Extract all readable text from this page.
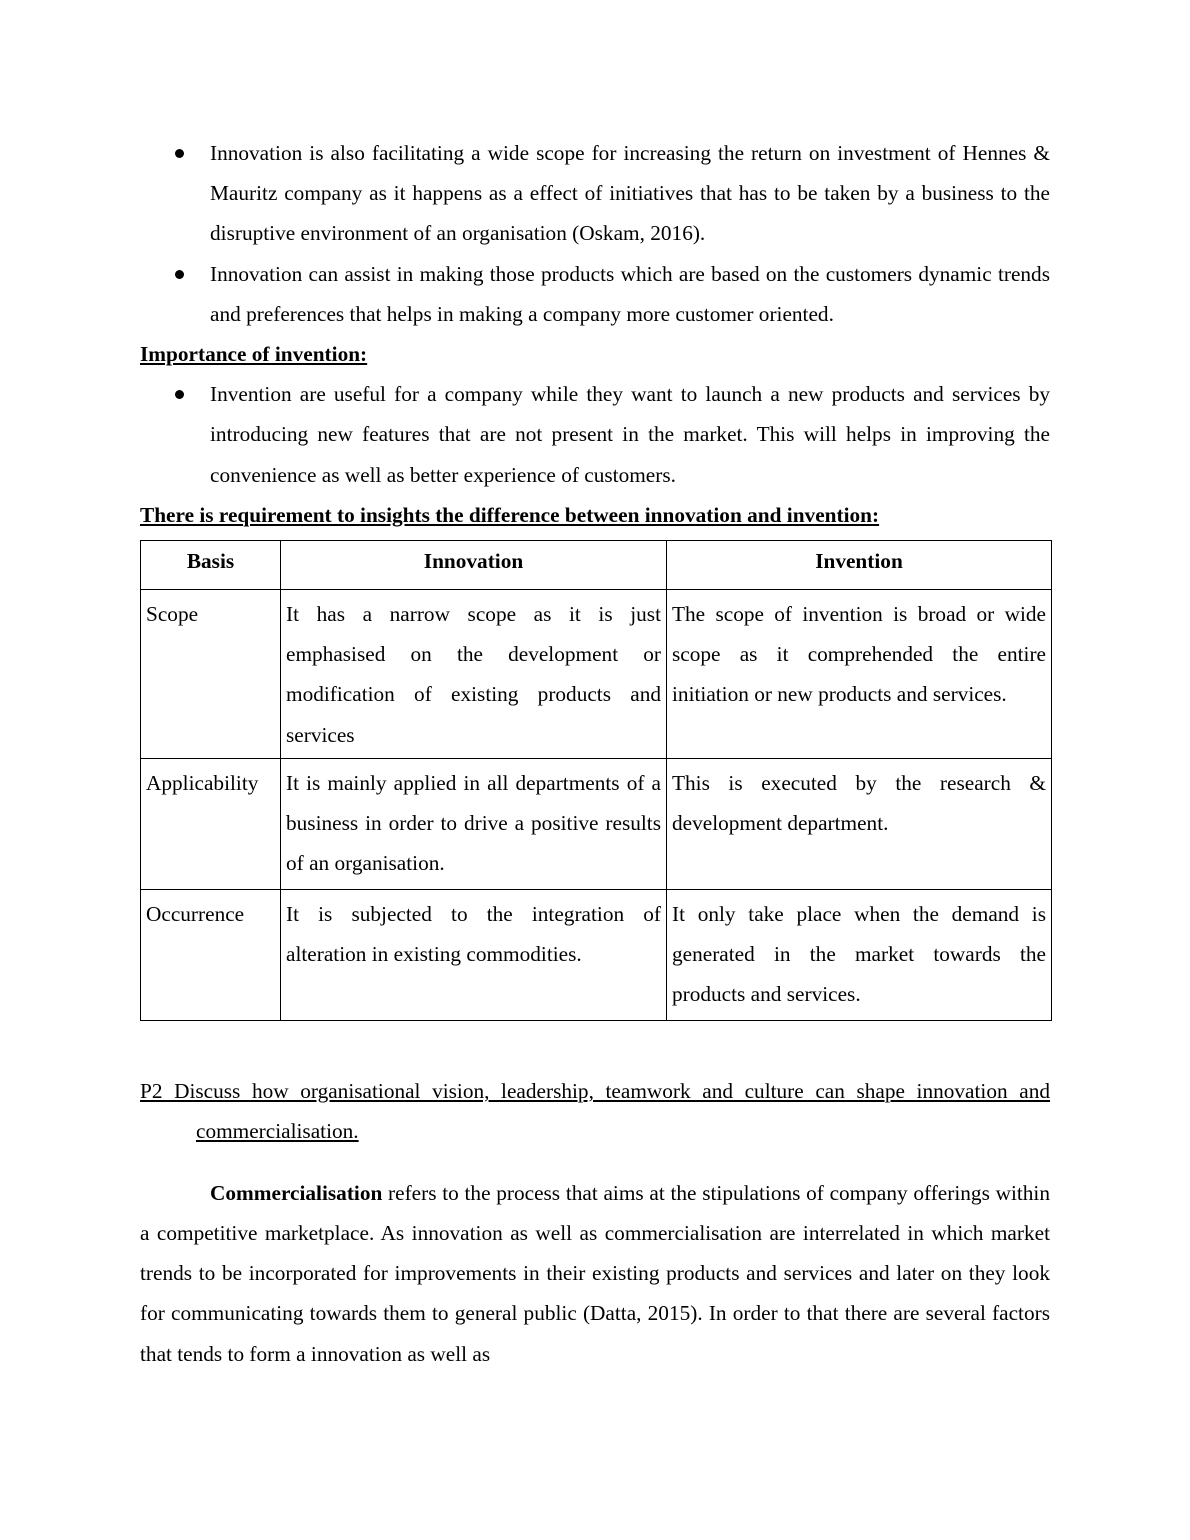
Innovation is also facilitating a wide scope for increasing the return on investment of Hennes & Mauritz company as it happens as a effect of initiatives that has to be taken by a business to the disruptive environment of an organisation (Oskam, 2016).
Innovation can assist in making those products which are based on the customers dynamic trends and preferences that helps in making a company more customer oriented.

Importance of invention:

Invention are useful for a company while they want to launch a new products and services by introducing new features that are not present in the market. This will helps in improving the convenience as well as better experience of customers.

There is requirement to insights the difference between innovation and invention:

Basis	Innovation	Invention
Scope	It has a narrow scope as it is just emphasised on the development or modification of existing products and services	The scope of invention is broad or wide scope as it comprehended the entire initiation or new products and services.
Applicability	It is mainly applied in all departments of a business in order to drive a positive results of an organisation.	This is executed by the research & development department.
Occurrence	It is subjected to the integration of alteration in existing commodities.	It only take place when the demand is generated in the market towards the products and services.

P2 Discuss how organisational vision, leadership, teamwork and culture can shape innovation and commercialisation.

Commercialisation refers to the process that aims at the stipulations of company offerings within a competitive marketplace. As innovation as well as commercialisation are interrelated in which market trends to be incorporated for improvements in their existing products and services and later on they look for communicating towards them to general public (Datta, 2015). In order to that there are several factors that tends to form a innovation as well as
